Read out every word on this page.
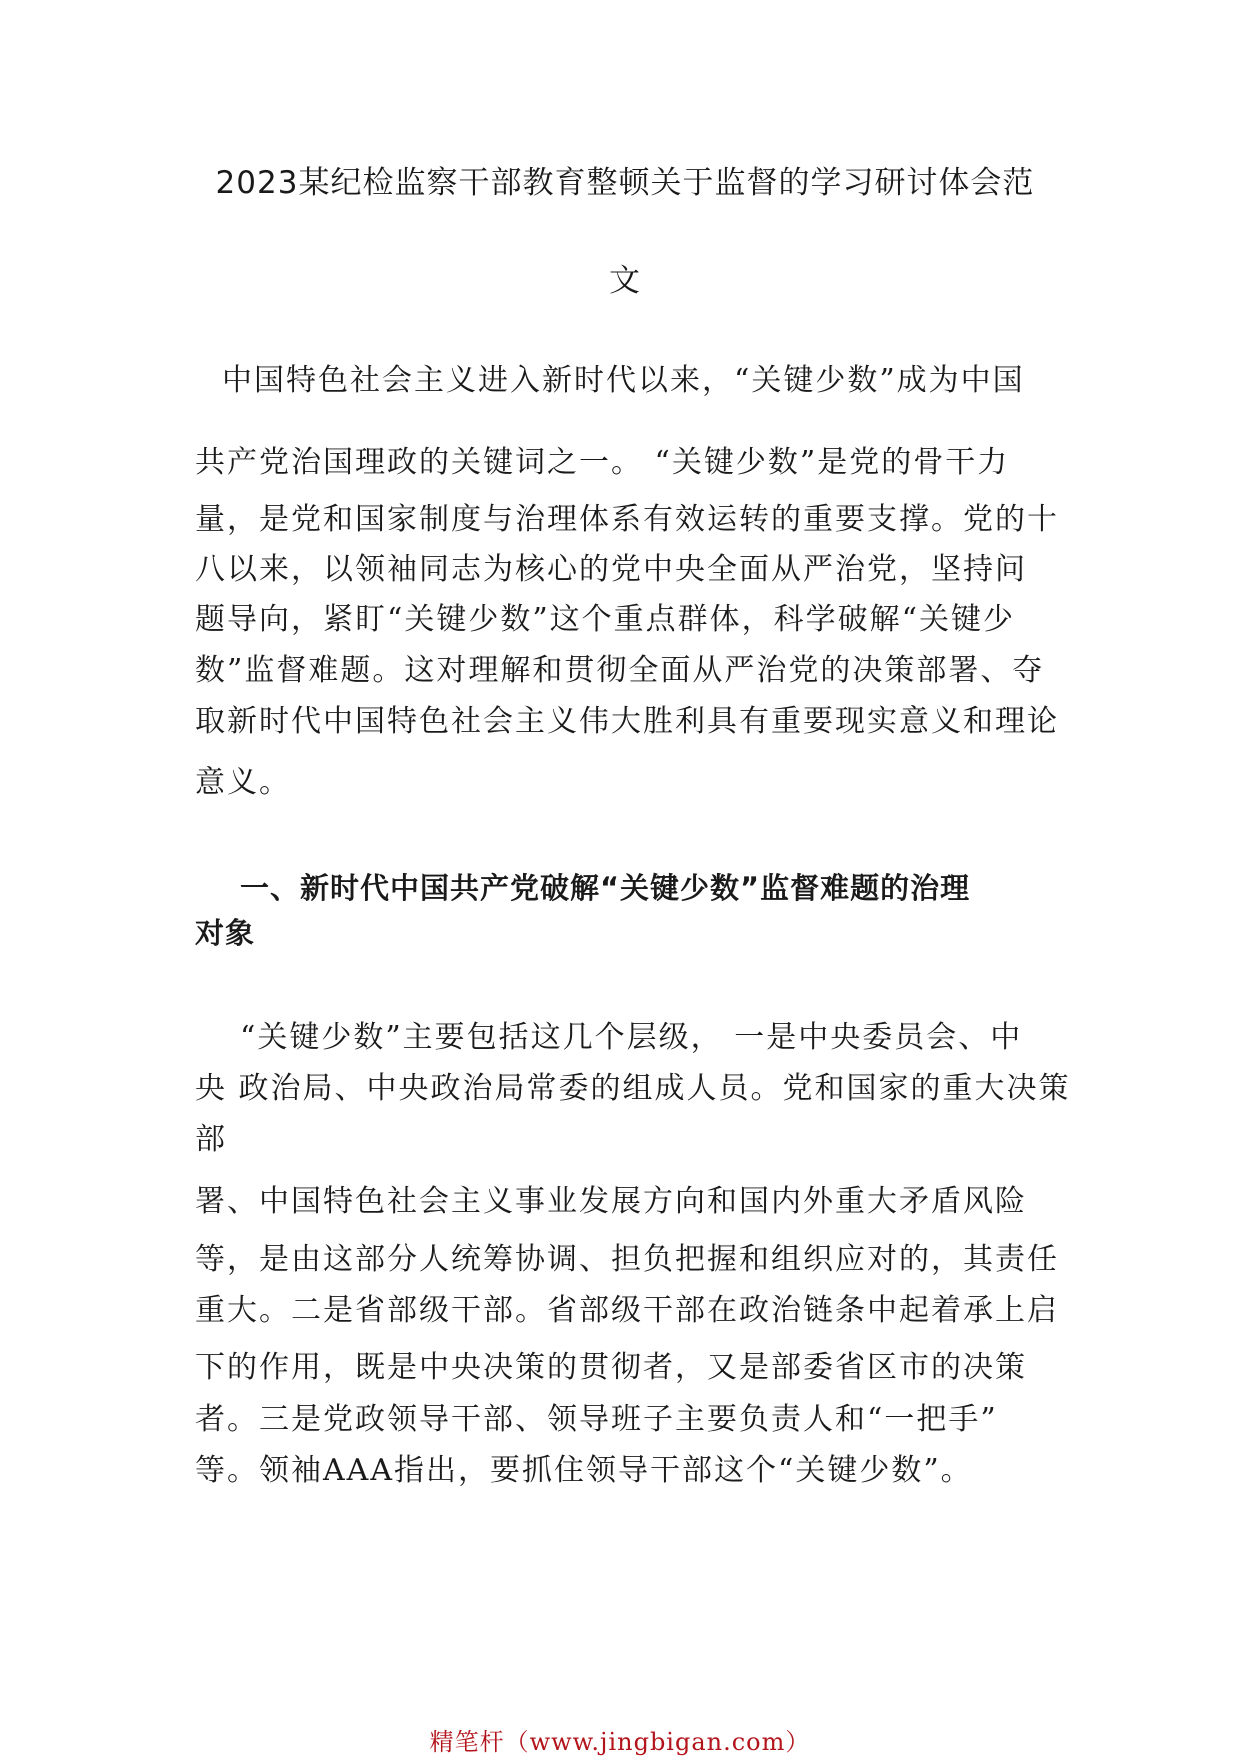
2023某纪检监察干部教育整顿关于监督的学习研讨体会范
文

中国特色社会主义进入新时代以来，“关键少数”成为中国

共产党治国理政的关键词之一。 “关键少数”是党的骨干力

量，是党和国家制度与治理体系有效运转的重要支撑。党的十

八以来，以领袖同志为核心的党中央全面从严治党，坚持问

题导向，紧盯“关键少数”这个重点群体，科学破解“关键少

数”监督难题。这对理解和贯彻全面从严治党的决策部署、夺

取新时代中国特色社会主义伟大胜利具有重要现实意义和理论

意义。

一、新时代中国共产党破解“关键少数”监督难题的治理
对象

“关键少数”主要包括这几个层级， 一是中央委员会、中

央 政治局、中央政治局常委的组成人员。党和国家的重大决策

部

署、中国特色社会主义事业发展方向和国内外重大矛盾风险

等，是由这部分人统筹协调、担负把握和组织应对的，其责任

重大。二是省部级干部。省部级干部在政治链条中起着承上启

下的作用，既是中央决策的贯彻者，又是部委省区市的决策

者。三是党政领导干部、领导班子主要负责人和“一把手”

等。领袖AAA指出，要抓住领导干部这个“关键少数”。

精笔杆（www.jingbigan.com）
